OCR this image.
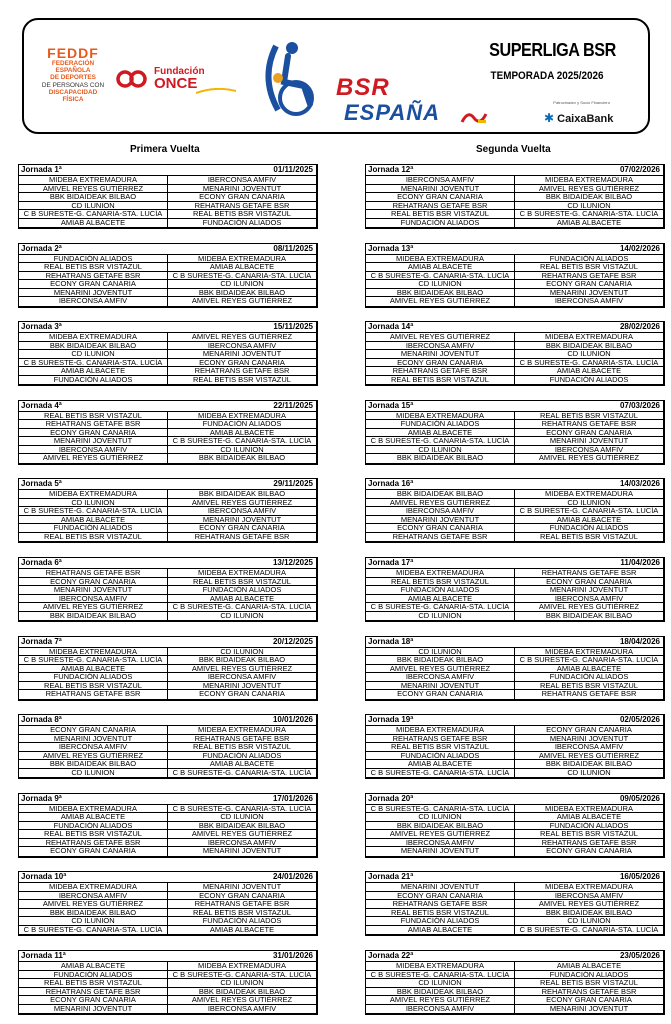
FEDDF
FEDERACIÓN
ESPAÑOLA
DE DEPORTES
DE PERSONAS CON
DISCAPACIDAD
FÍSICA
Fundación
ONCE	BSR
ESPAÑA
SUPERLIGA BSR
TEMPORADA 2025/2026
Patrocinador y Socio Financiero
✱ CaixaBank
Primera Vuelta	Segunda Vuelta
Jornada 1ª	01/11/2025
MIDEBA EXTREMADURA	IBERCONSA AMFIV
AMIVEL REYES GUTIÉRREZ	MENARINI JOVENTUT
BBK BIDAIDEAK BILBAO	ECONY GRAN CANARIA
CD ILUNION	REHATRANS GETAFE BSR
C B SURESTE-G. CANARIA-STA. LUCÍA	REAL BETIS BSR VISTAZUL
AMIAB ALBACETE	FUNDACIÓN ALIADOS
Jornada 2ª	08/11/2025
FUNDACIÓN ALIADOS	MIDEBA EXTREMADURA
REAL BETIS BSR VISTAZUL	AMIAB ALBACETE
REHATRANS GETAFE BSR	C B SURESTE-G. CANARIA-STA. LUCÍA
ECONY GRAN CANARIA	CD ILUNION
MENARINI JOVENTUT	BBK BIDAIDEAK BILBAO
IBERCONSA AMFIV	AMIVEL REYES GUTIÉRREZ
Jornada 3ª	15/11/2025
MIDEBA EXTREMADURA	AMIVEL REYES GUTIÉRREZ
BBK BIDAIDEAK BILBAO	IBERCONSA AMFIV
CD ILUNION	MENARINI JOVENTUT
C B SURESTE-G. CANARIA-STA. LUCÍA	ECONY GRAN CANARIA
AMIAB ALBACETE	REHATRANS GETAFE BSR
FUNDACIÓN ALIADOS	REAL BETIS BSR VISTAZUL
Jornada 4ª	22/11/2025
REAL BETIS BSR VISTAZUL	MIDEBA EXTREMADURA
REHATRANS GETAFE BSR	FUNDACIÓN ALIADOS
ECONY GRAN CANARIA	AMIAB ALBACETE
MENARINI JOVENTUT	C B SURESTE-G. CANARIA-STA. LUCÍA
IBERCONSA AMFIV	CD ILUNION
AMIVEL REYES GUTIÉRREZ	BBK BIDAIDEAK BILBAO
Jornada 5ª	29/11/2025
MIDEBA EXTREMADURA	BBK BIDAIDEAK BILBAO
CD ILUNION	AMIVEL REYES GUTIÉRREZ
C B SURESTE-G. CANARIA-STA. LUCÍA	IBERCONSA AMFIV
AMIAB ALBACETE	MENARINI JOVENTUT
FUNDACIÓN ALIADOS	ECONY GRAN CANARIA
REAL BETIS BSR VISTAZUL	REHATRANS GETAFE BSR
Jornada 6ª	13/12/2025
REHATRANS GETAFE BSR	MIDEBA EXTREMADURA
ECONY GRAN CANARIA	REAL BETIS BSR VISTAZUL
MENARINI JOVENTUT	FUNDACIÓN ALIADOS
IBERCONSA AMFIV	AMIAB ALBACETE
AMIVEL REYES GUTIÉRREZ	C B SURESTE-G. CANARIA-STA. LUCÍA
BBK BIDAIDEAK BILBAO	CD ILUNION
Jornada 7ª	20/12/2025
MIDEBA EXTREMADURA	CD ILUNION
C B SURESTE-G. CANARIA-STA. LUCÍA	BBK BIDAIDEAK BILBAO
AMIAB ALBACETE	AMIVEL REYES GUTIÉRREZ
FUNDACIÓN ALIADOS	IBERCONSA AMFIV
REAL BETIS BSR VISTAZUL	MENARINI JOVENTUT
REHATRANS GETAFE BSR	ECONY GRAN CANARIA
Jornada 8ª	10/01/2026
ECONY GRAN CANARIA	MIDEBA EXTREMADURA
MENARINI JOVENTUT	REHATRANS GETAFE BSR
IBERCONSA AMFIV	REAL BETIS BSR VISTAZUL
AMIVEL REYES GUTIÉRREZ	FUNDACIÓN ALIADOS
BBK BIDAIDEAK BILBAO	AMIAB ALBACETE
CD ILUNION	C B SURESTE-G. CANARIA-STA. LUCÍA
Jornada 9ª	17/01/2026
MIDEBA EXTREMADURA	C B SURESTE-G. CANARIA-STA. LUCÍA
AMIAB ALBACETE	CD ILUNION
FUNDACIÓN ALIADOS	BBK BIDAIDEAK BILBAO
REAL BETIS BSR VISTAZUL	AMIVEL REYES GUTIÉRREZ
REHATRANS GETAFE BSR	IBERCONSA AMFIV
ECONY GRAN CANARIA	MENARINI JOVENTUT
Jornada 10ª	24/01/2026
MIDEBA EXTREMADURA	MENARINI JOVENTUT
IBERCONSA AMFIV	ECONY GRAN CANARIA
AMIVEL REYES GUTIÉRREZ	REHATRANS GETAFE BSR
BBK BIDAIDEAK BILBAO	REAL BETIS BSR VISTAZUL
CD ILUNION	FUNDACIÓN ALIADOS
C B SURESTE-G. CANARIA-STA. LUCÍA	AMIAB ALBACETE
Jornada 11ª	31/01/2026
AMIAB ALBACETE	MIDEBA EXTREMADURA
FUNDACIÓN ALIADOS	C B SURESTE-G. CANARIA-STA. LUCÍA
REAL BETIS BSR VISTAZUL	CD ILUNION
REHATRANS GETAFE BSR	BBK BIDAIDEAK BILBAO
ECONY GRAN CANARIA	AMIVEL REYES GUTIÉRREZ
MENARINI JOVENTUT	IBERCONSA AMFIV
Jornada 12ª	07/02/2026
IBERCONSA AMFIV	MIDEBA EXTREMADURA
MENARINI JOVENTUT	AMIVEL REYES GUTIÉRREZ
ECONY GRAN CANARIA	BBK BIDAIDEAK BILBAO
REHATRANS GETAFE BSR	CD ILUNION
REAL BETIS BSR VISTAZUL	C B SURESTE-G. CANARIA-STA. LUCÍA
FUNDACIÓN ALIADOS	AMIAB ALBACETE
Jornada 13ª	14/02/2026
MIDEBA EXTREMADURA	FUNDACIÓN ALIADOS
AMIAB ALBACETE	REAL BETIS BSR VISTAZUL
C B SURESTE-G. CANARIA-STA. LUCÍA	REHATRANS GETAFE BSR
CD ILUNION	ECONY GRAN CANARIA
BBK BIDAIDEAK BILBAO	MENARINI JOVENTUT
AMIVEL REYES GUTIÉRREZ	IBERCONSA AMFIV
Jornada 14ª	28/02/2026
AMIVEL REYES GUTIÉRREZ	MIDEBA EXTREMADURA
IBERCONSA AMFIV	BBK BIDAIDEAK BILBAO
MENARINI JOVENTUT	CD ILUNION
ECONY GRAN CANARIA	C B SURESTE-G. CANARIA-STA. LUCÍA
REHATRANS GETAFE BSR	AMIAB ALBACETE
REAL BETIS BSR VISTAZUL	FUNDACIÓN ALIADOS
Jornada 15ª	07/03/2026
MIDEBA EXTREMADURA	REAL BETIS BSR VISTAZUL
FUNDACIÓN ALIADOS	REHATRANS GETAFE BSR
AMIAB ALBACETE	ECONY GRAN CANARIA
C B SURESTE-G. CANARIA-STA. LUCÍA	MENARINI JOVENTUT
CD ILUNION	IBERCONSA AMFIV
BBK BIDAIDEAK BILBAO	AMIVEL REYES GUTIÉRREZ
Jornada 16ª	14/03/2026
BBK BIDAIDEAK BILBAO	MIDEBA EXTREMADURA
AMIVEL REYES GUTIÉRREZ	CD ILUNION
IBERCONSA AMFIV	C B SURESTE-G. CANARIA-STA. LUCÍA
MENARINI JOVENTUT	AMIAB ALBACETE
ECONY GRAN CANARIA	FUNDACIÓN ALIADOS
REHATRANS GETAFE BSR	REAL BETIS BSR VISTAZUL
Jornada 17ª	11/04/2026
MIDEBA EXTREMADURA	REHATRANS GETAFE BSR
REAL BETIS BSR VISTAZUL	ECONY GRAN CANARIA
FUNDACIÓN ALIADOS	MENARINI JOVENTUT
AMIAB ALBACETE	IBERCONSA AMFIV
C B SURESTE-G. CANARIA-STA. LUCÍA	AMIVEL REYES GUTIÉRREZ
CD ILUNION	BBK BIDAIDEAK BILBAO
Jornada 18ª	18/04/2026
CD ILUNION	MIDEBA EXTREMADURA
BBK BIDAIDEAK BILBAO	C B SURESTE-G. CANARIA-STA. LUCÍA
AMIVEL REYES GUTIÉRREZ	AMIAB ALBACETE
IBERCONSA AMFIV	FUNDACIÓN ALIADOS
MENARINI JOVENTUT	REAL BETIS BSR VISTAZUL
ECONY GRAN CANARIA	REHATRANS GETAFE BSR
Jornada 19ª	02/05/2026
MIDEBA EXTREMADURA	ECONY GRAN CANARIA
REHATRANS GETAFE BSR	MENARINI JOVENTUT
REAL BETIS BSR VISTAZUL	IBERCONSA AMFIV
FUNDACIÓN ALIADOS	AMIVEL REYES GUTIÉRREZ
AMIAB ALBACETE	BBK BIDAIDEAK BILBAO
C B SURESTE-G. CANARIA-STA. LUCÍA	CD ILUNION
Jornada 20ª	09/05/2026
C B SURESTE-G. CANARIA-STA. LUCÍA	MIDEBA EXTREMADURA
CD ILUNION	AMIAB ALBACETE
BBK BIDAIDEAK BILBAO	FUNDACIÓN ALIADOS
AMIVEL REYES GUTIÉRREZ	REAL BETIS BSR VISTAZUL
IBERCONSA AMFIV	REHATRANS GETAFE BSR
MENARINI JOVENTUT	ECONY GRAN CANARIA
Jornada 21ª	16/05/2026
MENARINI JOVENTUT	MIDEBA EXTREMADURA
ECONY GRAN CANARIA	IBERCONSA AMFIV
REHATRANS GETAFE BSR	AMIVEL REYES GUTIÉRREZ
REAL BETIS BSR VISTAZUL	BBK BIDAIDEAK BILBAO
FUNDACIÓN ALIADOS	CD ILUNION
AMIAB ALBACETE	C B SURESTE-G. CANARIA-STA. LUCÍA
Jornada 22ª	23/05/2026
MIDEBA EXTREMADURA	AMIAB ALBACETE
C B SURESTE-G. CANARIA-STA. LUCÍA	FUNDACIÓN ALIADOS
CD ILUNION	REAL BETIS BSR VISTAZUL
BBK BIDAIDEAK BILBAO	REHATRANS GETAFE BSR
AMIVEL REYES GUTIÉRREZ	ECONY GRAN CANARIA
IBERCONSA AMFIV	MENARINI JOVENTUT
